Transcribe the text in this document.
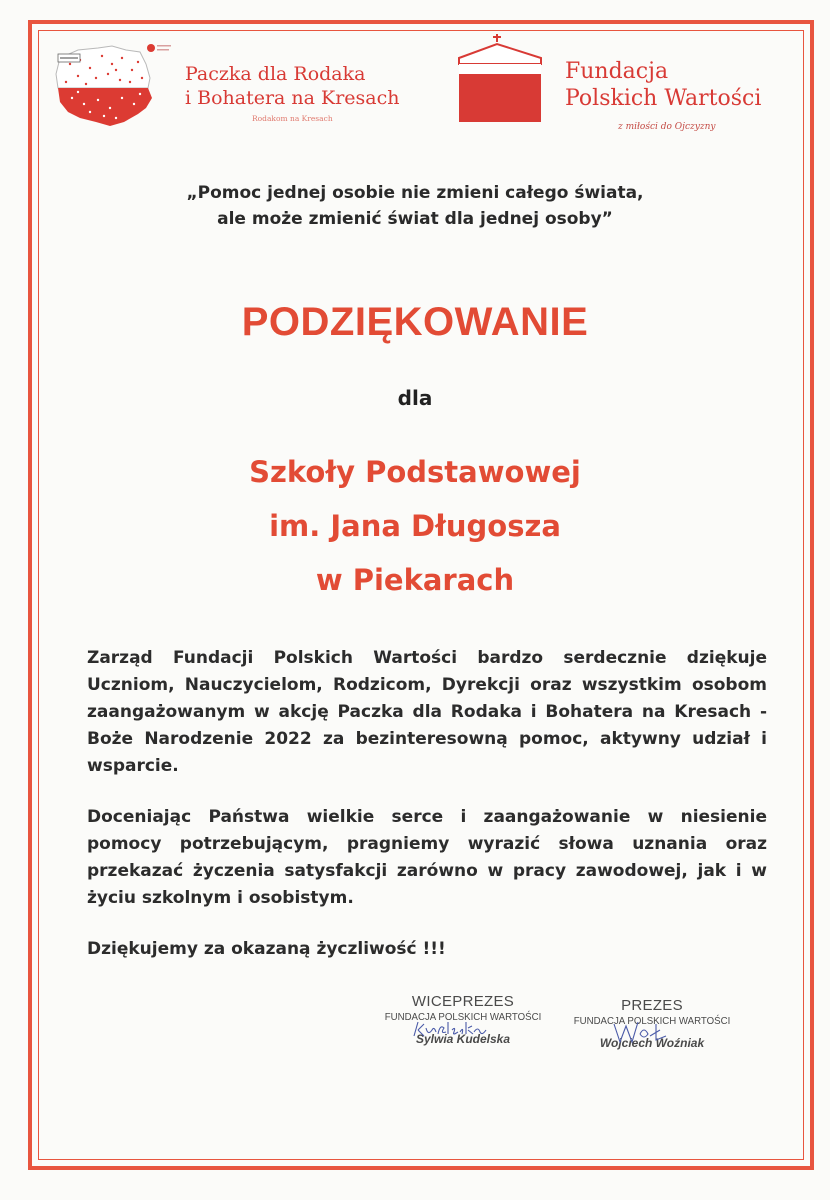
Paczka dla Rodaka
i Bohatera na Kresach
Rodakom na Kresach
Fundacja
Polskich Wartości
z miłości do Ojczyzny
„Pomoc jednej osobie nie zmieni całego świata,
ale może zmienić świat dla jednej osoby”
PODZIĘKOWANIE
dla
Szkoły Podstawowej
im. Jana Długosza
w Piekarach

Zarząd Fundacji Polskich Wartości bardzo serdecznie dziękuje Uczniom, Nauczycielom, Rodzicom, Dyrekcji oraz wszystkim osobom zaangażowanym w akcję Paczka dla Rodaka i Bohatera na Kresach - Boże Narodzenie 2022 za bezinteresowną pomoc, aktywny udział i wsparcie.

Doceniając Państwa wielkie serce i zaangażowanie w niesienie pomocy potrzebującym, pragniemy wyrazić słowa uznania oraz przekazać życzenia satysfakcji zarówno w pracy zawodowej, jak i w życiu szkolnym i osobistym.

Dziękujemy za okazaną życzliwość !!!

WICEPREZES
FUNDACJA POLSKICH WARTOŚCI
Sylwia Kudelska
PREZES
FUNDACJA POLSKICH WARTOŚCI
Wojciech Woźniak
